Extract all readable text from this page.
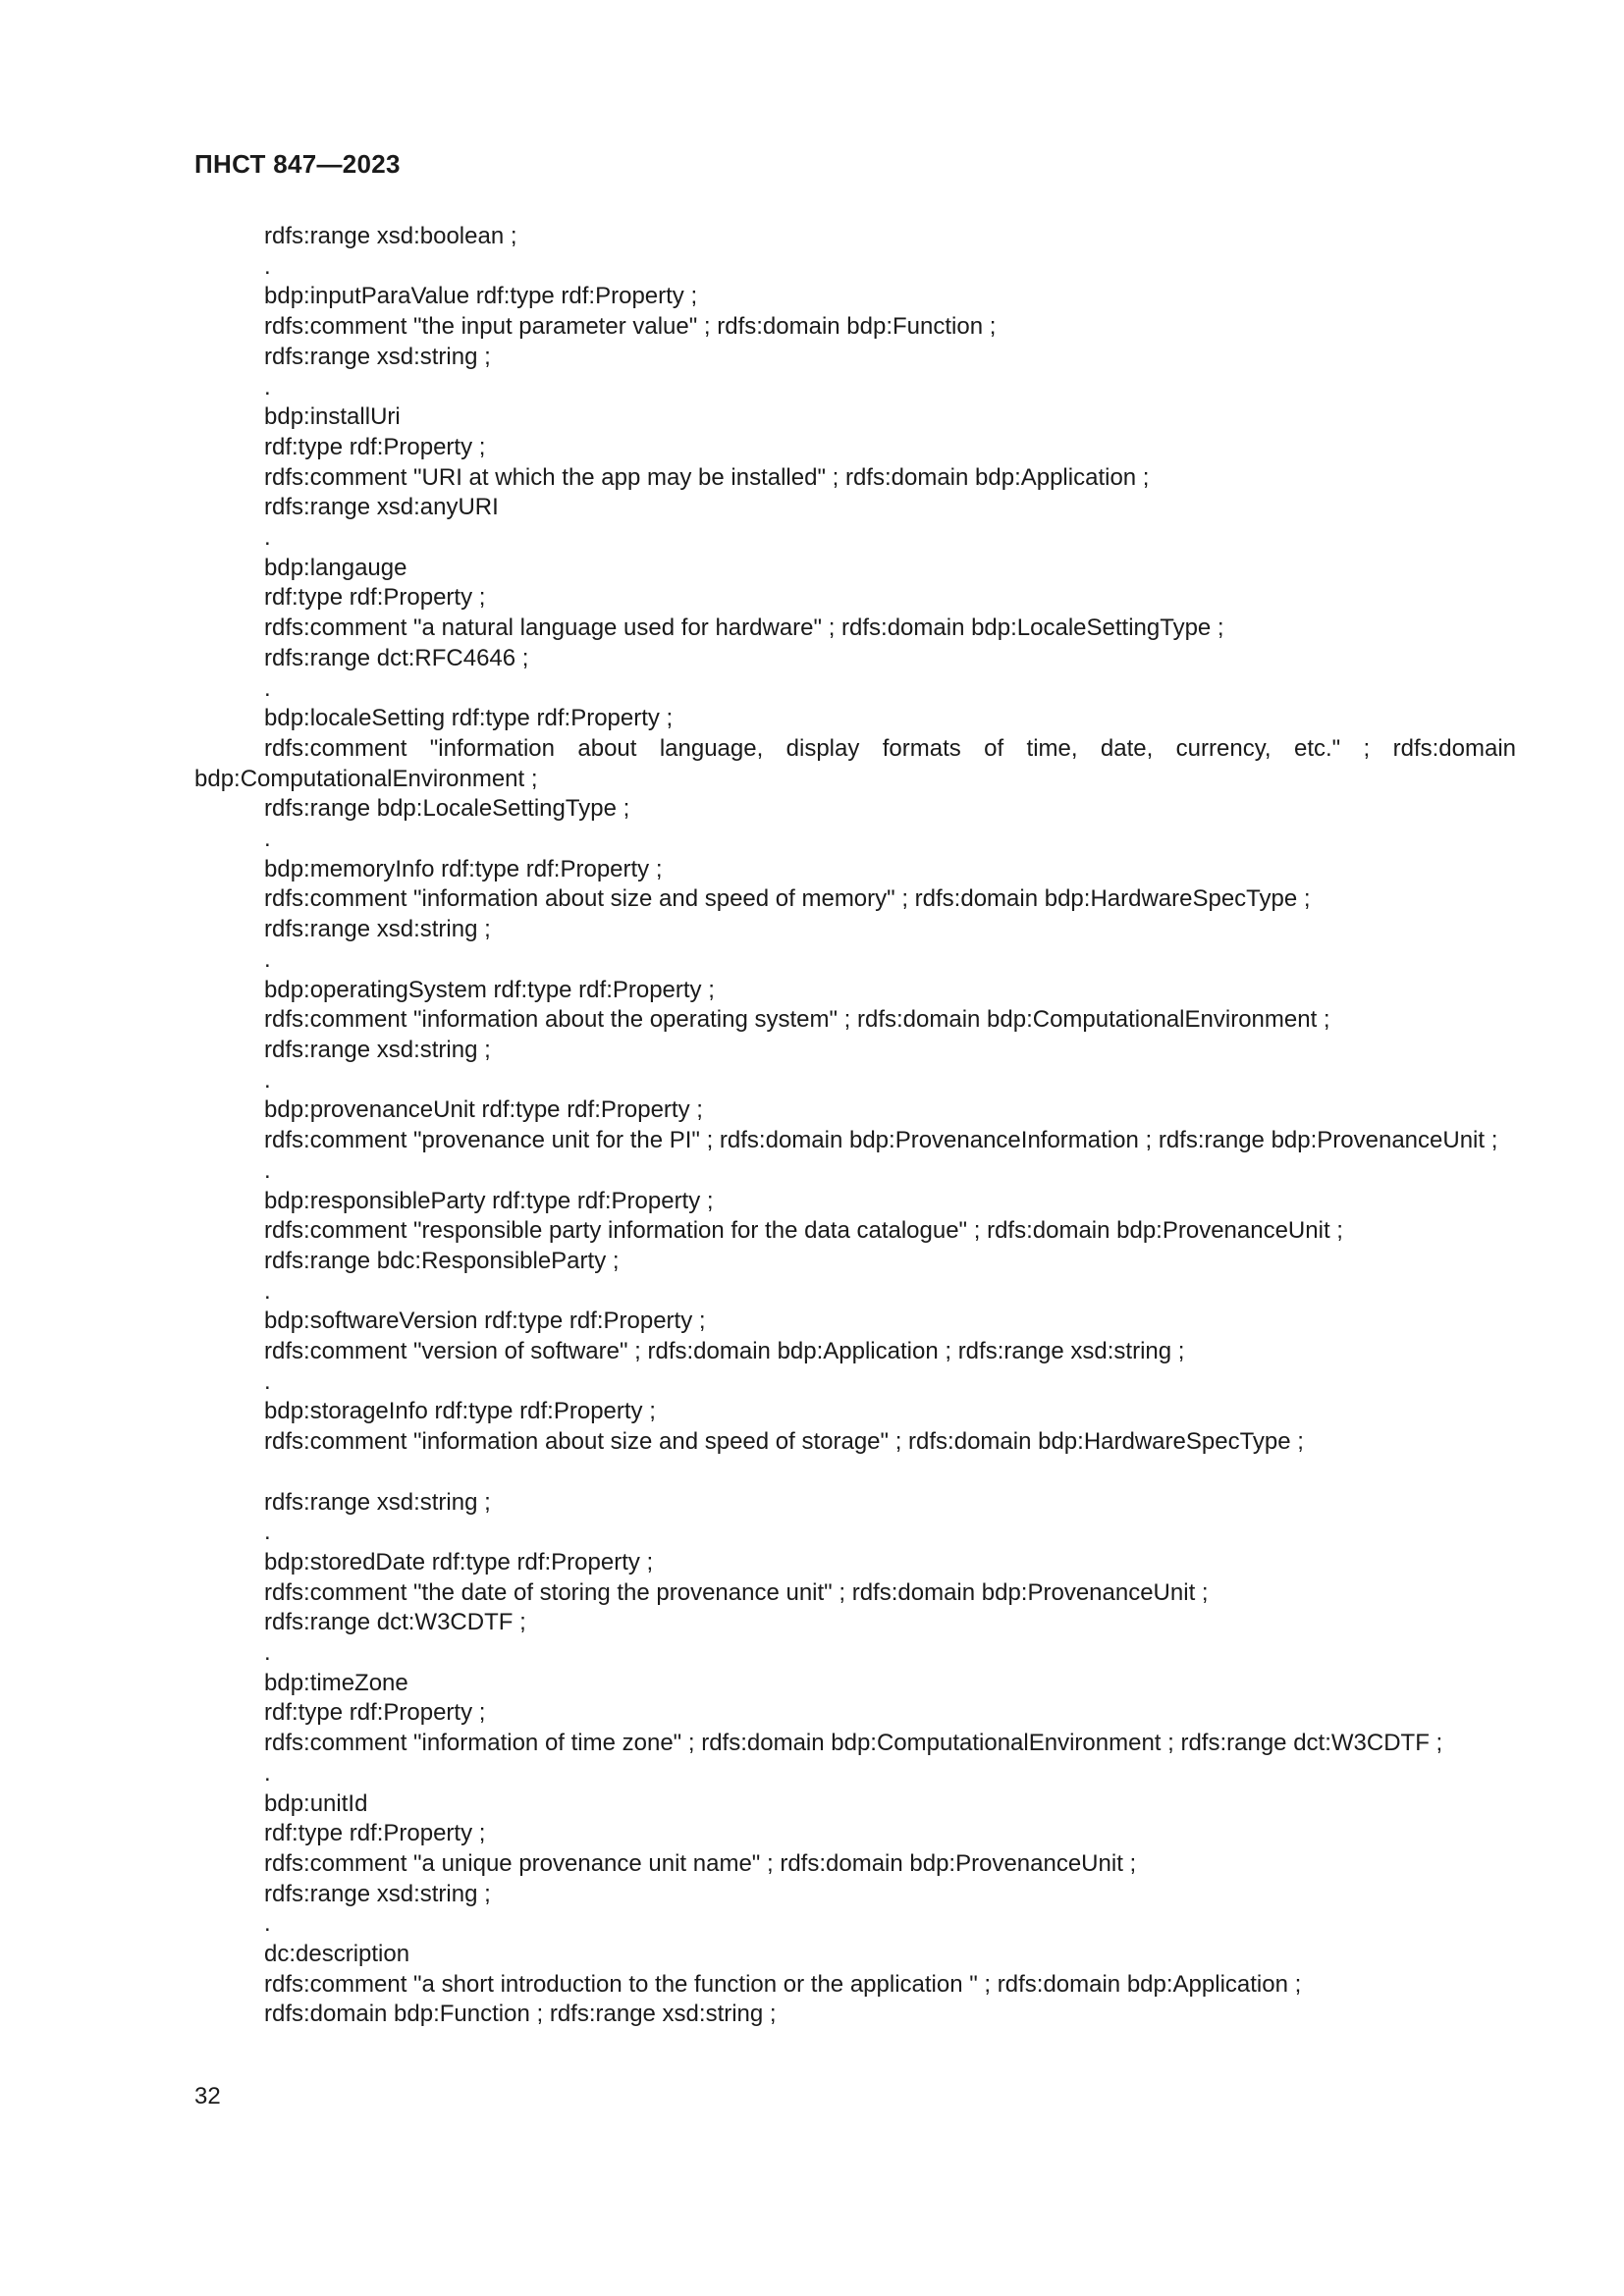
ПНСТ 847—2023
rdfs:range xsd:boolean ;
.
bdp:inputParaValue rdf:type rdf:Property ;
rdfs:comment "the input parameter value" ; rdfs:domain bdp:Function ;
rdfs:range xsd:string ;
.
bdp:installUri
rdf:type rdf:Property ;
rdfs:comment "URI at which the app may be installed" ; rdfs:domain bdp:Application ;
rdfs:range xsd:anyURI
.
bdp:langauge
rdf:type rdf:Property ;
rdfs:comment "a natural language used for hardware" ; rdfs:domain bdp:LocaleSettingType ;
rdfs:range dct:RFC4646 ;
.
bdp:localeSetting rdf:type rdf:Property ;
rdfs:comment "information about language, display formats of time, date, currency, etc." ; rdfs:domain
bdp:ComputationalEnvironment ;
rdfs:range bdp:LocaleSettingType ;
.
bdp:memoryInfo rdf:type rdf:Property ;
rdfs:comment "information about size and speed of memory" ; rdfs:domain bdp:HardwareSpecType ;
rdfs:range xsd:string ;
.
bdp:operatingSystem rdf:type rdf:Property ;
rdfs:comment "information about the operating system" ; rdfs:domain bdp:ComputationalEnvironment ;
rdfs:range xsd:string ;
.
bdp:provenanceUnit rdf:type rdf:Property ;
rdfs:comment "provenance unit for the PI" ; rdfs:domain bdp:ProvenanceInformation ; rdfs:range bdp:ProvenanceUnit ;
.
bdp:responsibleParty rdf:type rdf:Property ;
rdfs:comment "responsible party information for the data catalogue" ; rdfs:domain bdp:ProvenanceUnit ;
rdfs:range bdc:ResponsibleParty ;
.
bdp:softwareVersion rdf:type rdf:Property ;
rdfs:comment "version of software" ; rdfs:domain bdp:Application ; rdfs:range xsd:string ;
.
bdp:storageInfo rdf:type rdf:Property ;
rdfs:comment "information about size and speed of storage" ; rdfs:domain bdp:HardwareSpecType ;
rdfs:range xsd:string ;
.
bdp:storedDate rdf:type rdf:Property ;
rdfs:comment "the date of storing the provenance unit" ; rdfs:domain bdp:ProvenanceUnit ;
rdfs:range dct:W3CDTF ;
.
bdp:timeZone
rdf:type rdf:Property ;
rdfs:comment "information of time zone" ; rdfs:domain bdp:ComputationalEnvironment ; rdfs:range dct:W3CDTF ;
.
bdp:unitId
rdf:type rdf:Property ;
rdfs:comment "a unique provenance unit name" ; rdfs:domain bdp:ProvenanceUnit ;
rdfs:range xsd:string ;
.
dc:description
rdfs:comment "a short introduction to the function or the application " ; rdfs:domain bdp:Application ;
rdfs:domain bdp:Function ; rdfs:range xsd:string ;
32
